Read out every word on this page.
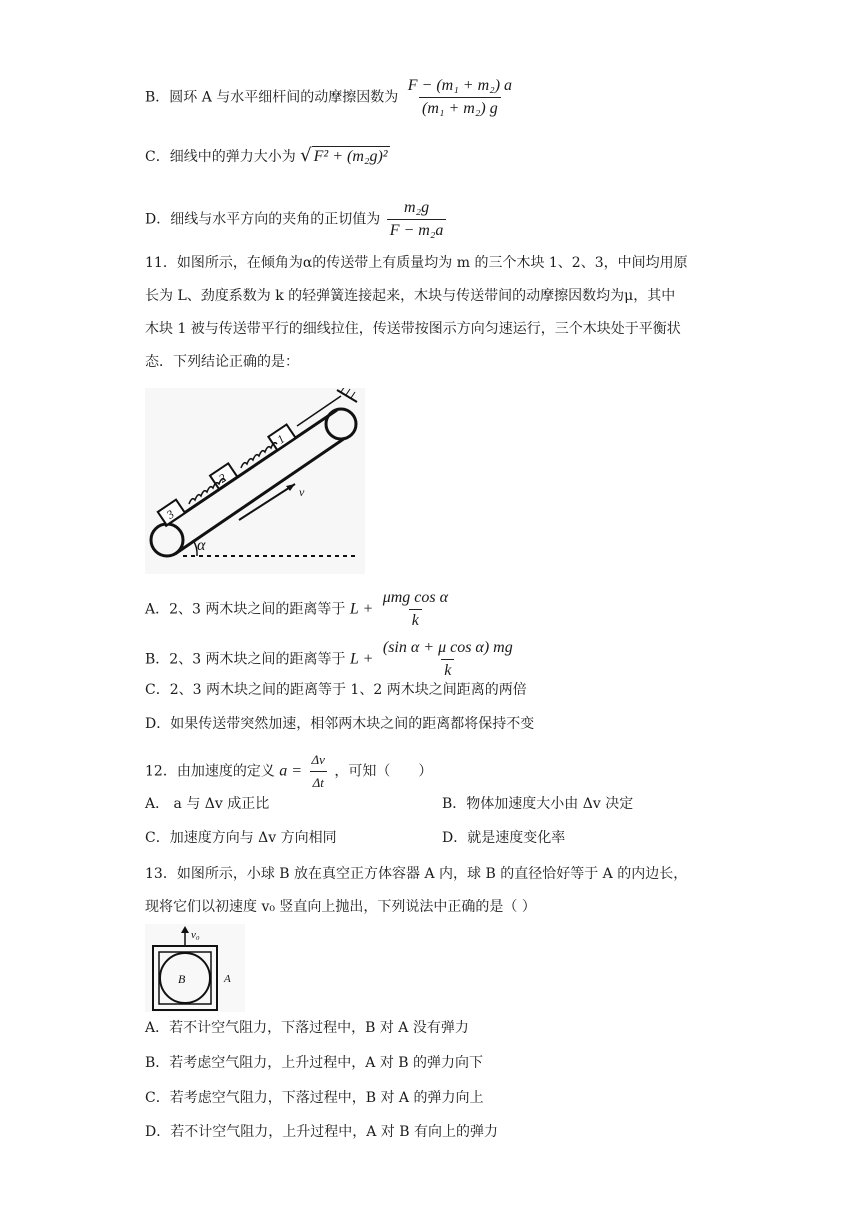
B．圆环 A 与水平细杆间的动摩擦因数为 $\frac{\text{F − (m₁ + m₂) a}}{\text{(m₁ + m₂) g}}$
C．细线中的弹力大小为 √ F² + (m₂g)²
D．细线与水平方向的夹角的正切值为 $\frac{\text{m₂g}}{\text{F − m₂a}}$
11．如图所示，在倾角为α的传送带上有质量均为 m 的三个木块 1、2、3，中间均用原
长为 L、劲度系数为 k 的轻弹簧连接起来，木块与传送带间的动摩擦因数均为μ，其中
木块 1 被与传送带平行的细线拉住，传送带按图示方向匀速运行，三个木块处于平衡状
态．下列结论正确的是：
α
3
2
1
v
A．2、3 两木块之间的距离等于 $L + \frac{\text{μmg cos α}}{k}$
B．2、3 两木块之间的距离等于 $L + \frac{\text{(sin α + μ cos α) mg}}{k}$
C．2、3 两木块之间的距离等于 1、2 两木块之间距离的两倍
D．如果传送带突然加速，相邻两木块之间的距离都将保持不变
12．由加速度的定义 $a = \frac{\Delta v}{\Delta t}$ ，可知（　　）
A． a 与 Δv 成正比	B．物体加速度大小由 Δv 决定
C．加速度方向与 Δv 方向相同	D．就是速度变化率
13．如图所示，小球 B 放在真空正方体容器 A 内，球 B 的直径恰好等于 A 的内边长，
现将它们以初速度 v₀ 竖直向上抛出，下列说法中正确的是（ ）
v₀
B	A
A．若不计空气阻力，下落过程中，B 对 A 没有弹力
B．若考虑空气阻力，上升过程中，A 对 B 的弹力向下
C．若考虑空气阻力，下落过程中，B 对 A 的弹力向上
D．若不计空气阻力，上升过程中，A 对 B 有向上的弹力
